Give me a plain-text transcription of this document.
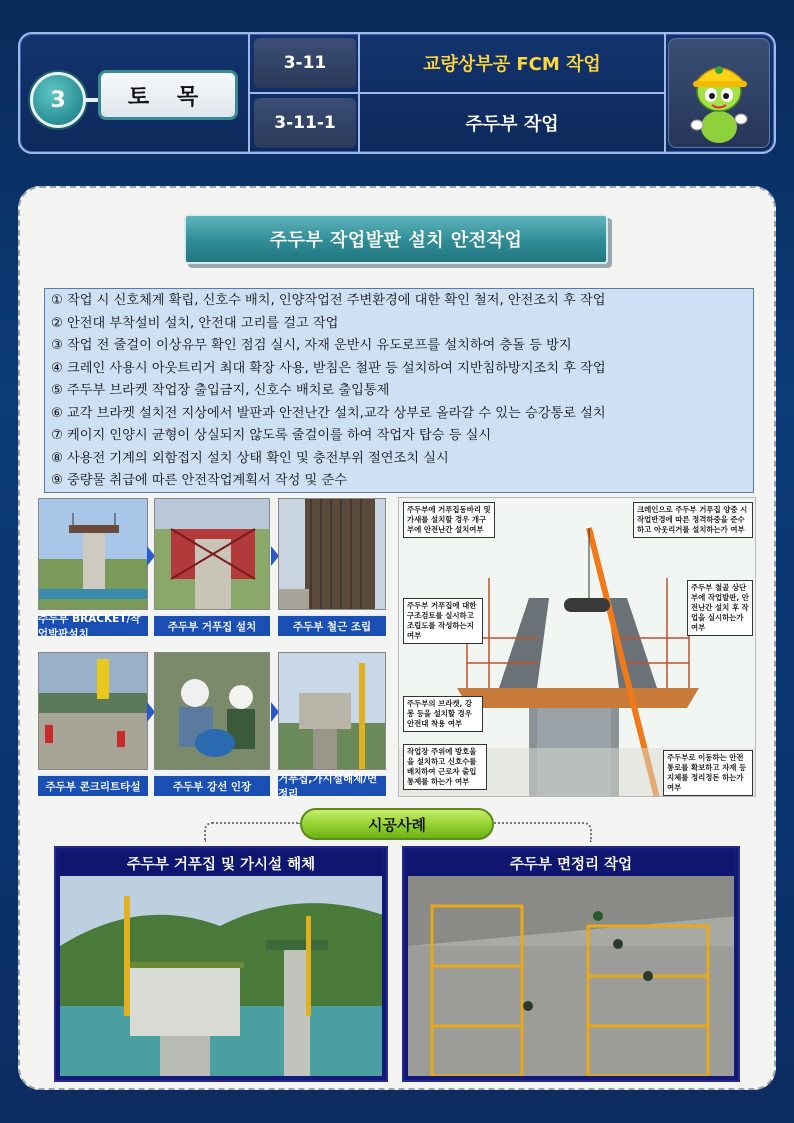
3	토 목
3-11
3-11-1
교량상부공 FCM 작업
주두부 작업
주두부 작업발판 설치 안전작업
① 작업 시 신호체계 확립, 신호수 배치, 인양작업전 주변환경에 대한 확인 철저, 안전조치 후 작업
② 안전대 부착설비 설치, 안전대 고리를 걸고 작업
③ 작업 전 줄걸이 이상유무 확인 점검 실시, 자재 운반시 유도로프를 설치하여 충돌 등 방지
④ 크레인 사용시 아웃트리거 최대 확장 사용, 받침은 철판 등 설치하여 지반침하방지조치 후 작업
⑤ 주두부 브라켓 작업장 출입금지, 신호수 배치로 출입통제
⑥ 교각 브라켓 설치전 지상에서 발판과 안전난간 설치,교각 상부로 올라갈 수 있는 승강통로 설치
⑦ 케이지 인양시 균형이 상실되지 않도록 줄걸이를 하여 작업자 탑승 등 실시
⑧ 사용전 기계의 외함접지 설치 상태 확인 및 충전부위 절연조치 실시
⑨ 중량물 취급에 따른 안전작업계획서 작성 및 준수
주두부 BRACKET/작업발판설치
주두부 거푸집 설치	주두부 철근 조립
주두부 콘크리트타설	주두부 강선 인장
거푸집,가시설해체/면정리
주두부에 거푸집동바리 및 가새를 설치할 경우 개구부에 안전난간 설치여부
크레인으로 주두부 거푸집 양중 시 작업반경에 따른 정격하중을 준수하고 아웃리거를 설치하는가 여부
주두부 철골 상단부에 작업발판, 안전난간 설치 후 작업을 실시하는가 여부
주두부 거푸집에 대한 구조검토를 실시하고 조립도를 작성하는지 여부
주두부의 브라켓, 강봉 등을 설치할 경우 안전대 착용 여부
작업장 주위에 방호울을 설치하고 신호수를 배치하여 근로자 출입통제를 하는가 여부
주두부로 이동하는 안전 통로를 확보하고 자재 등 지체를 정리정돈 하는가 여부
시공사례
주두부 거푸집 및 가시설 해체	주두부 면정리 작업
